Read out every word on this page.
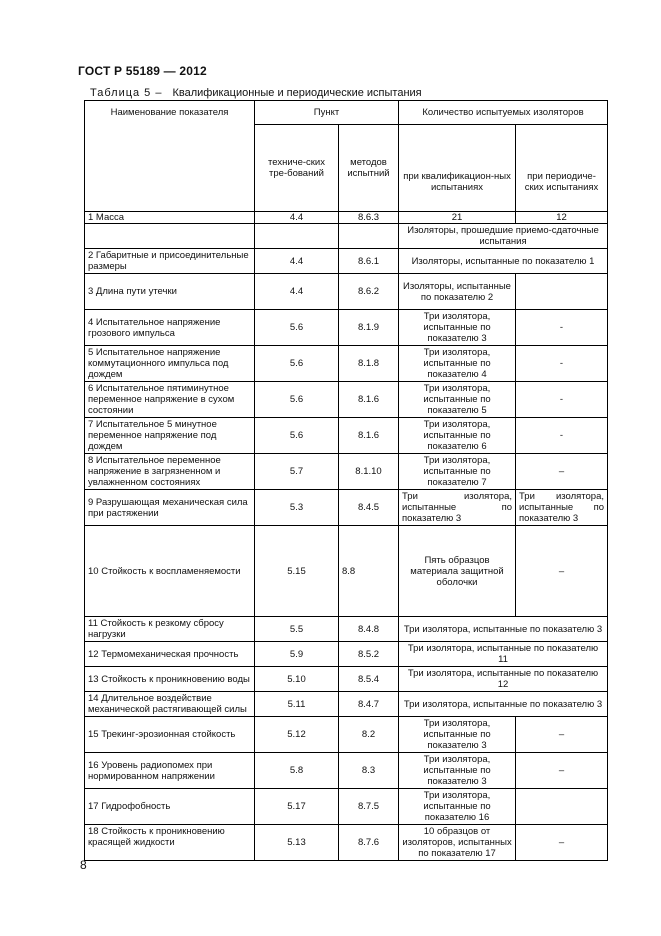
ГОСТ Р 55189 — 2012
Таблица 5 – Квалификационные и периодические испытания
Наименование показателя	Пункт		Количество испытуемых изоляторов	
	техниче-ских тре-бований	методов испытний	при квалификацион-ных испытаниях	при периодиче-ских испытаниях
1 Масса	4.4	8.6.3	21	12
			Изоляторы, прошедшие приемо-сдаточные испытания	
2 Габаритные и присоединительные размеры	4.4	8.6.1	Изоляторы, испытанные по показателю 1	
3 Длина пути утечки	4.4	8.6.2	Изоляторы, испытанные по показателю 2	
4 Испытательное напряжение грозового импульса	5.6	8.1.9	Три изолятора, испытанные по показателю 3	-
5 Испытательное напряжение коммутационного импульса под дождем	5.6	8.1.8	Три изолятора, испытанные по показателю 4	-
6 Испытательное пятиминутное переменное напряжение в сухом состоянии	5.6	8.1.6	Три изолятора, испытанные по показателю 5	-
7 Испытательное 5 минутное переменное напряжение под дождем	5.6	8.1.6	Три изолятора, испытанные по показателю 6	-
8 Испытательное переменное напряжение в загрязненном и увлажненном состояниях	5.7	8.1.10	Три изолятора, испытанные по показателю 7	–
9 Разрушающая механическая сила при растяжении	5.3	8.4.5	Три изолятора, испытанные по показателю 3	Три изолятора, испытанные по показателю 3
10 Стойкость к воспламеняемости	5.15	8.8	Пять образцов материала защитной оболочки	–
11 Стойкость к резкому сбросу нагрузки	5.5	8.4.8	Три изолятора, испытанные по показателю 3	
12 Термомеханическая прочность	5.9	8.5.2	Три изолятора, испытанные по показателю 11	
13 Стойкость к проникновению воды	5.10	8.5.4	Три изолятора, испытанные по показателю 12	
14 Длительное воздействие механической растягивающей силы	5.11	8.4.7	Три изолятора, испытанные по показателю 3	
15 Трекинг-эрозионная стойкость	5.12	8.2	Три изолятора, испытанные по показателю 3	–
16 Уровень радиопомех при нормированном напряжении	5.8	8.3	Три изолятора, испытанные по показателю 3	–
17 Гидрофобность	5.17	8.7.5	Три изолятора, испытанные по показателю 16	
18 Стойкость к проникновению красящей жидкости	5.13	8.7.6	10 образцов от изоляторов, испытанных по показателю 17	–
8
